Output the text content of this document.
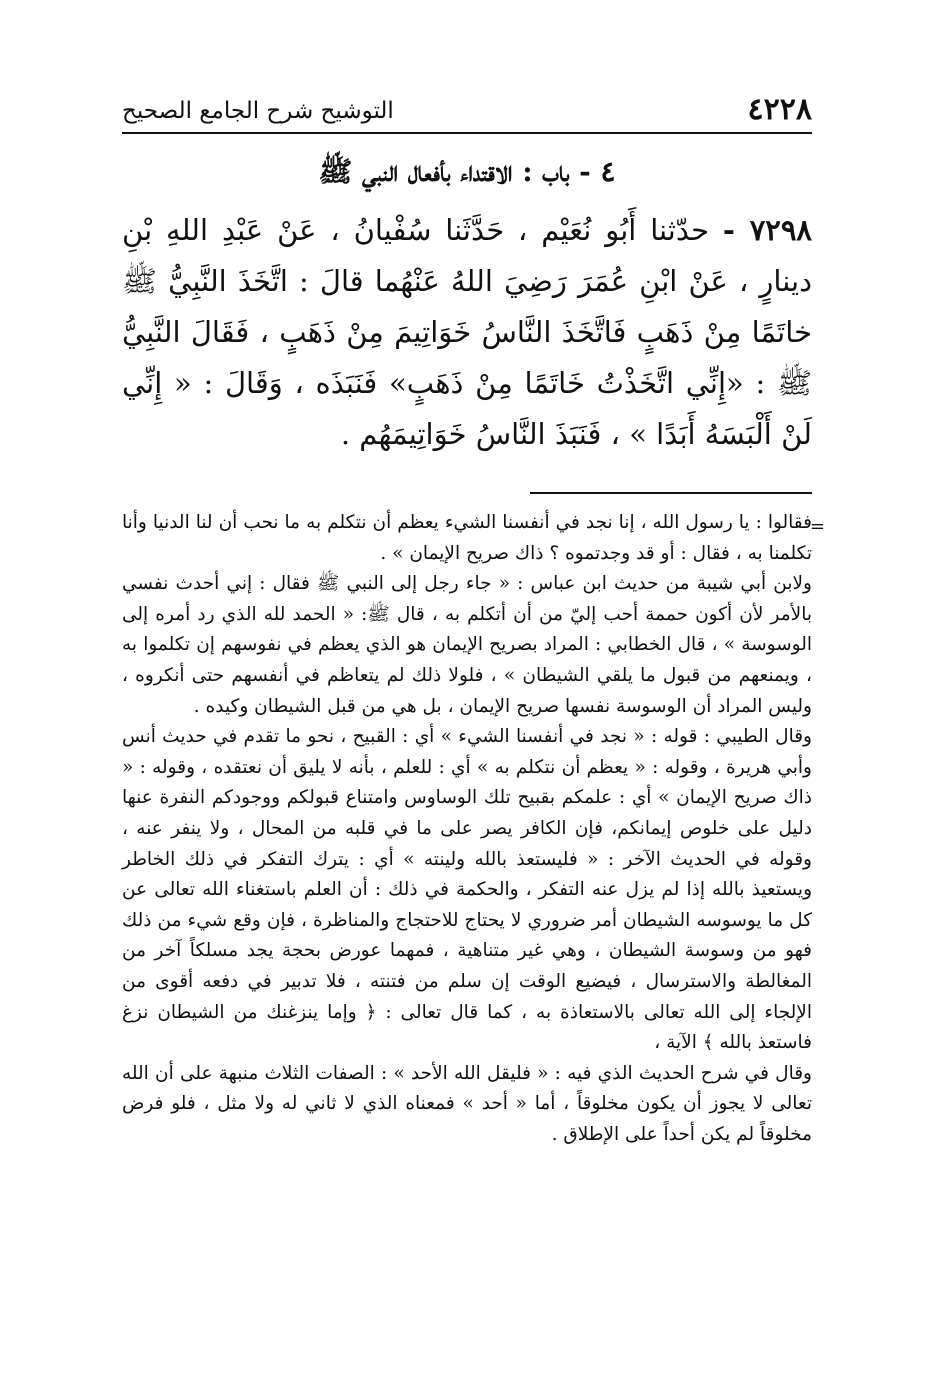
٤٢٢٨
التوشيح شرح الجامع الصحيح
٤ - باب : الاقتداء بأفعال النبي ﷺ
٧٢٩٨ - حدّثنا أَبُو نُعَيْم ، حَدَّثَنا سُفْيانُ ، عَنْ عَبْدِ اللهِ بْنِ دينارٍ ، عَنْ ابْنِ عُمَرَ رَضِيَ اللهُ عَنْهُما قالَ : اتَّخَذَ النَّبِيُّ ﷺ خاتَمًا مِنْ ذَهَبٍ فَاتَّخَذَ النَّاسُ خَوَاتِيمَ مِنْ ذَهَبٍ ، فَقَالَ النَّبِيُّ ﷺ : «إِنِّي اتَّخَذْتُ خَاتَمًا مِنْ ذَهَبٍ» فَنَبَذَه ، وَقَالَ : « إِنِّي لَنْ أَلْبَسَهُ أَبَدًا » ، فَنَبَذَ النَّاسُ خَوَاتِيمَهُم .
=

فقالوا : يا رسول الله ، إنا نجد في أنفسنا الشيء يعظم أن نتكلم به ما نحب أن لنا الدنيا وأنا تكلمنا به ، فقال : أو قد وجدتموه ؟ ذاك صريح الإيمان » .

ولابن أبي شيبة من حديث ابن عباس : « جاء رجل إلى النبي ﷺ فقال : إني أحدث نفسي بالأمر لأن أكون حممة أحب إليّ من أن أتكلم به ، قال ﷺ: « الحمد لله الذي رد أمره إلى الوسوسة » ، قال الخطابي : المراد بصريح الإيمان هو الذي يعظم في نفوسهم إن تكلموا به ، ويمنعهم من قبول ما يلقي الشيطان » ، فلولا ذلك لم يتعاظم في أنفسهم حتى أنكروه ، وليس المراد أن الوسوسة نفسها صريح الإيمان ، بل هي من قبل الشيطان وكيده .

وقال الطيبي : قوله : « نجد في أنفسنا الشيء » أي : القبيح ، نحو ما تقدم في حديث أنس وأبي هريرة ، وقوله : « يعظم أن نتكلم به » أي : للعلم ، بأنه لا يليق أن نعتقده ، وقوله : « ذاك صريح الإيمان » أي : علمكم بقبيح تلك الوساوس وامتناع قبولكم ووجودكم النفرة عنها دليل على خلوص إيمانكم، فإن الكافر يصر على ما في قلبه من المحال ، ولا ينفر عنه ، وقوله في الحديث الآخر : « فليستعذ بالله ولينته » أي : يترك التفكر في ذلك الخاطر ويستعيذ بالله إذا لم يزل عنه التفكر ، والحكمة في ذلك : أن العلم باستغناء الله تعالى عن كل ما يوسوسه الشيطان أمر ضروري لا يحتاج للاحتجاج والمناظرة ، فإن وقع شيء من ذلك فهو من وسوسة الشيطان ، وهي غير متناهية ، فمهما عورض بحجة يجد مسلكاً آخر من المغالطة والاسترسال ، فيضيع الوقت إن سلم من فتنته ، فلا تدبير في دفعه أقوى من الإلجاء إلى الله تعالى بالاستعاذة به ، كما قال تعالى : ﴿ وإما ينزغنك من الشيطان نزغ فاستعذ بالله ﴾ الآية ،

وقال في شرح الحديث الذي فيه : « فليقل الله الأحد » : الصفات الثلاث منبهة على أن الله تعالى لا يجوز أن يكون مخلوقاً ، أما « أحد » فمعناه الذي لا ثاني له ولا مثل ، فلو فرض مخلوقاً لم يكن أحداً على الإطلاق .
